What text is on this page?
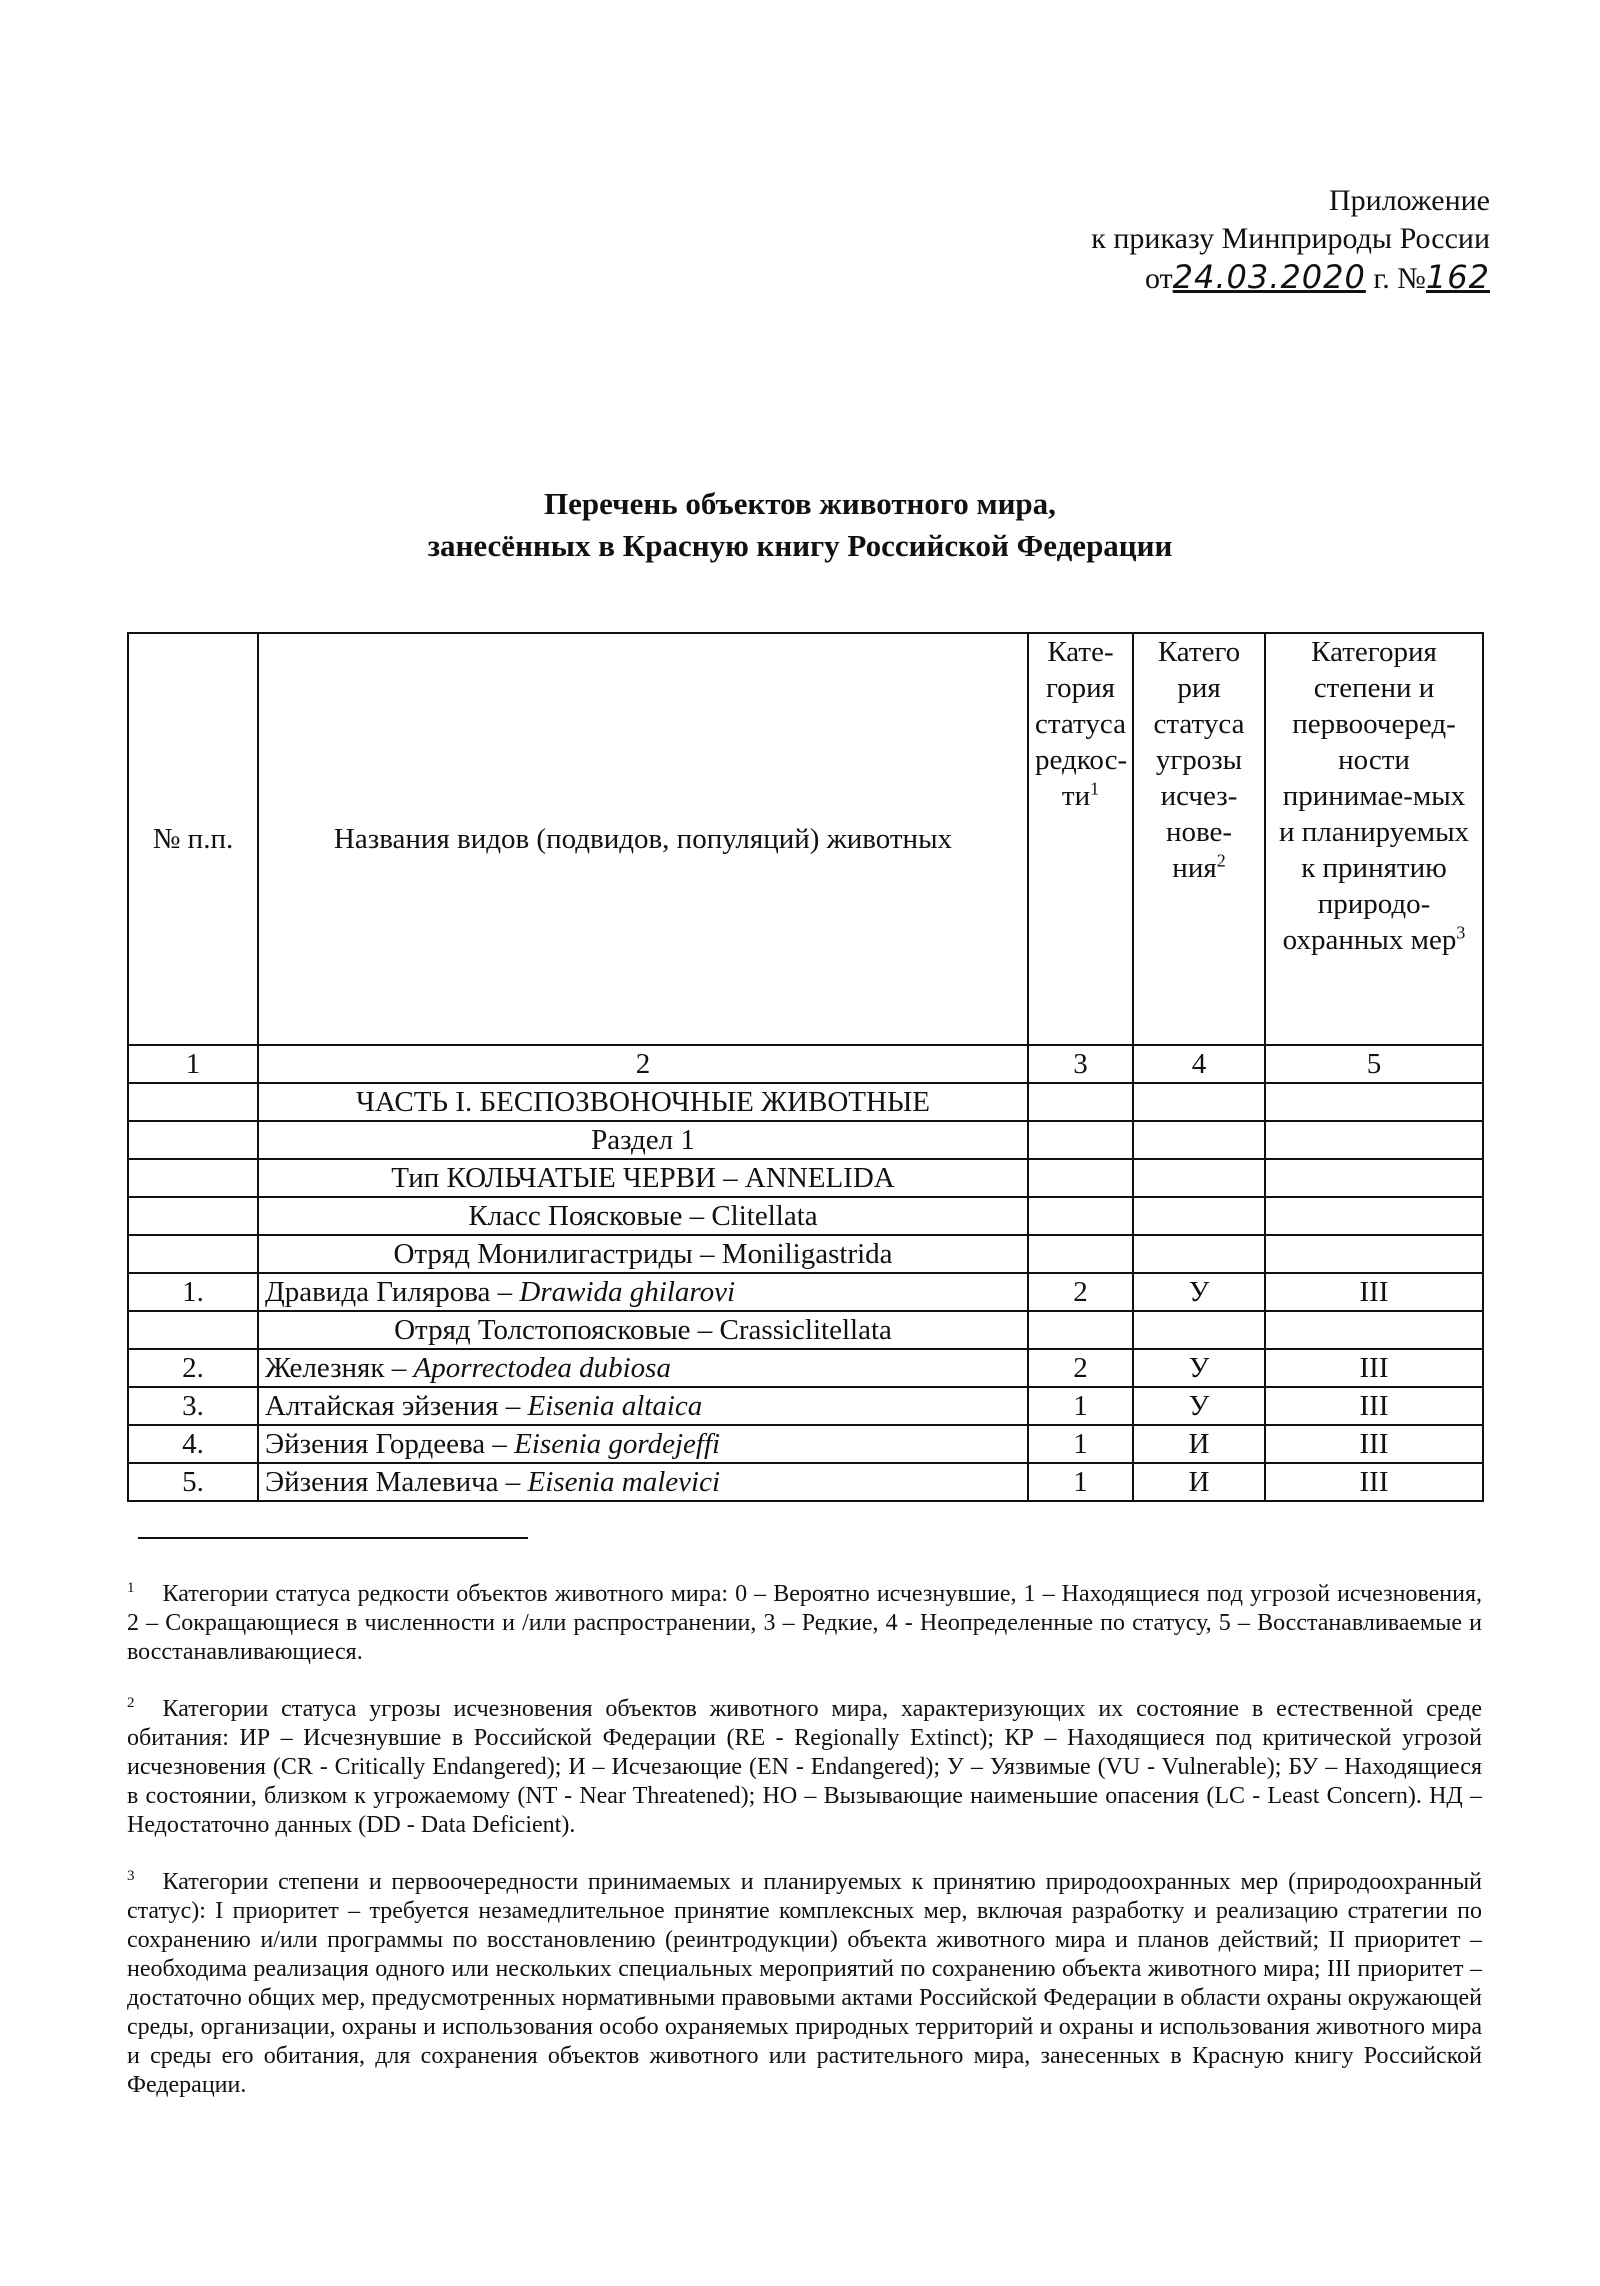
Приложение
к приказу Минприроды России
от24.03.2020 г. №162
Перечень объектов животного мира,
занесённых в Красную книгу Российской Федерации
№ п.п.	Названия видов (подвидов, популяций) животных	Кате-гория статуса редкос-$ти^1$	Катего рия статуса угрозы исчез-нове-ния$^2$	Категория степени и первоочеред-ности принимае-мых и планируемых к принятию природо-охранных мер$^3$
1	2	3	4	5
	ЧАСТЬ I. БЕСПОЗВОНОЧНЫЕ ЖИВОТНЫЕ			
	Раздел 1			
	Тип КОЛЬЧАТЫЕ ЧЕРВИ – ANNELIDA			
	Класс Поясковые – Clitellata			
	Отряд Монилигастриды – Moniligastrida			
1.	Дравида Гилярова – Drawida ghilarovi	2	У	III
	Отряд Толстопоясковые – Crassiclitellata			
2.	Железняк – Aporrectodea dubiosa	2	У	III
3.	Алтайская эйзения – Eisenia altaica	1	У	III
4.	Эйзения Гордеева – Eisenia gordejeffi	1	И	III
5.	Эйзения Малевича – Eisenia malevici	1	И	III

$^1$ Категории статуса редкости объектов животного мира: 0 – Вероятно исчезнувшие, 1 – Находящиеся под угрозой исчезновения, 2 – Сокращающиеся в численности и /или распространении, 3 – Редкие, 4 - Неопределенные по статусу, 5 – Восстанавливаемые и восстанавливающиеся.

$^2$ Категории статуса угрозы исчезновения объектов животного мира, характеризующих их состояние в естественной среде обитания: ИР – Исчезнувшие в Российской Федерации (RE - Regionally Extinct); КР – Находящиеся под критической угрозой исчезновения (CR - Critically Endangered); И – Исчезающие (EN - Endangered); У – Уязвимые (VU - Vulnerable); БУ – Находящиеся в состоянии, близком к угрожаемому (NT - Near Threatened); НО – Вызывающие наименьшие опасения (LC - Least Concern). НД – Недостаточно данных (DD - Data Deficient).

$^3$ Категории степени и первоочередности принимаемых и планируемых к принятию природоохранных мер (природоохранный статус): I приоритет – требуется незамедлительное принятие комплексных мер, включая разработку и реализацию стратегии по сохранению и/или программы по восстановлению (реинтродукции) объекта животного мира и планов действий; II приоритет – необходима реализация одного или нескольких специальных мероприятий по сохранению объекта животного мира; III приоритет – достаточно общих мер, предусмотренных нормативными правовыми актами Российской Федерации в области охраны окружающей среды, организации, охраны и использования особо охраняемых природных территорий и охраны и использования животного мира и среды его обитания, для сохранения объектов животного или растительного мира, занесенных в Красную книгу Российской Федерации.
